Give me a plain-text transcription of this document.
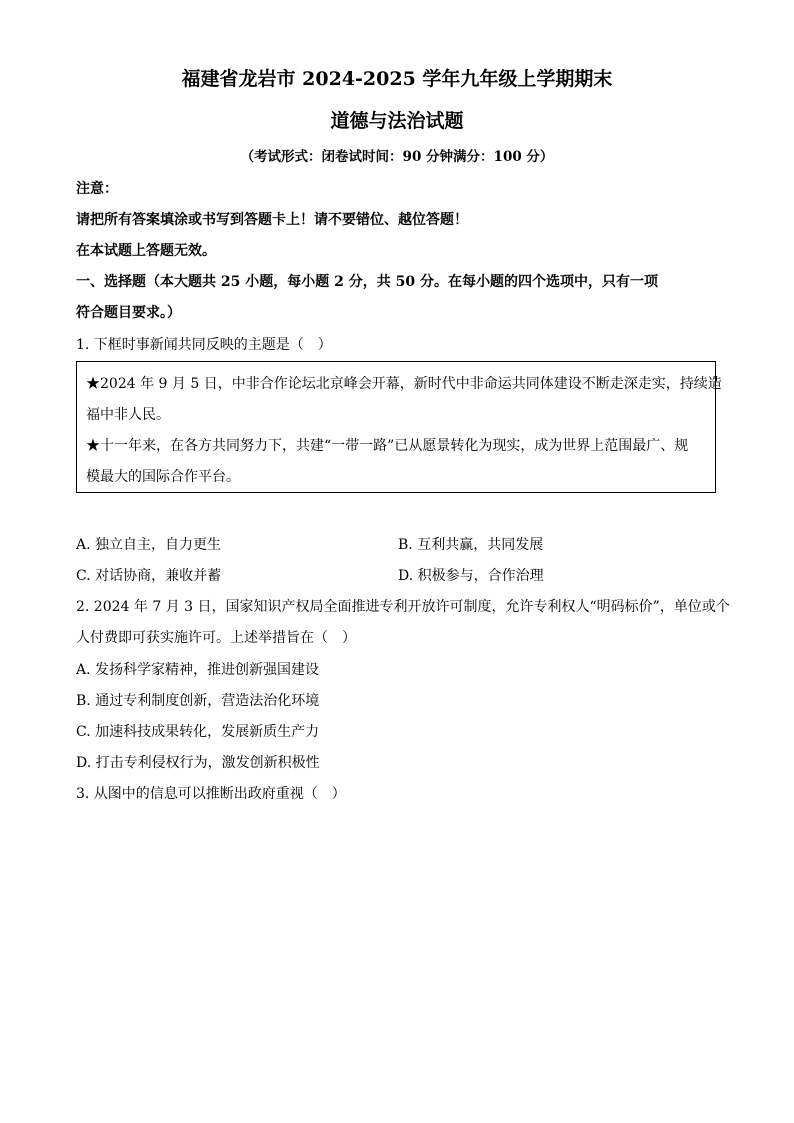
福建省龙岩市 2024-2025 学年九年级上学期期末
道德与法治试题
（考试形式：闭卷试时间：90 分钟满分：100 分）
注意：
请把所有答案填涂或书写到答题卡上！请不要错位、越位答题！
在本试题上答题无效。
一、选择题（本大题共 25 小题，每小题 2 分，共 50 分。在每小题的四个选项中，只有一项
符合题目要求。）
1. 下框时事新闻共同反映的主题是（　）
★2024 年 9 月 5 日，中非合作论坛北京峰会开幕，新时代中非命运共同体建设不断走深走实，持续造
福中非人民。
★十一年来，在各方共同努力下，共建“一带一路”已从愿景转化为现实，成为世界上范围最广、规
模最大的国际合作平台。
A. 独立自主，自力更生	B. 互利共赢，共同发展
C. 对话协商，兼收并蓄	D. 积极参与，合作治理
2. 2024 年 7 月 3 日，国家知识产权局全面推进专利开放许可制度，允许专利权人“明码标价”，单位或个
人付费即可获实施许可。上述举措旨在（　）
A. 发扬科学家精神，推进创新强国建设
B. 通过专利制度创新，营造法治化环境
C. 加速科技成果转化，发展新质生产力
D. 打击专利侵权行为，激发创新积极性
3. 从图中的信息可以推断出政府重视（　）
